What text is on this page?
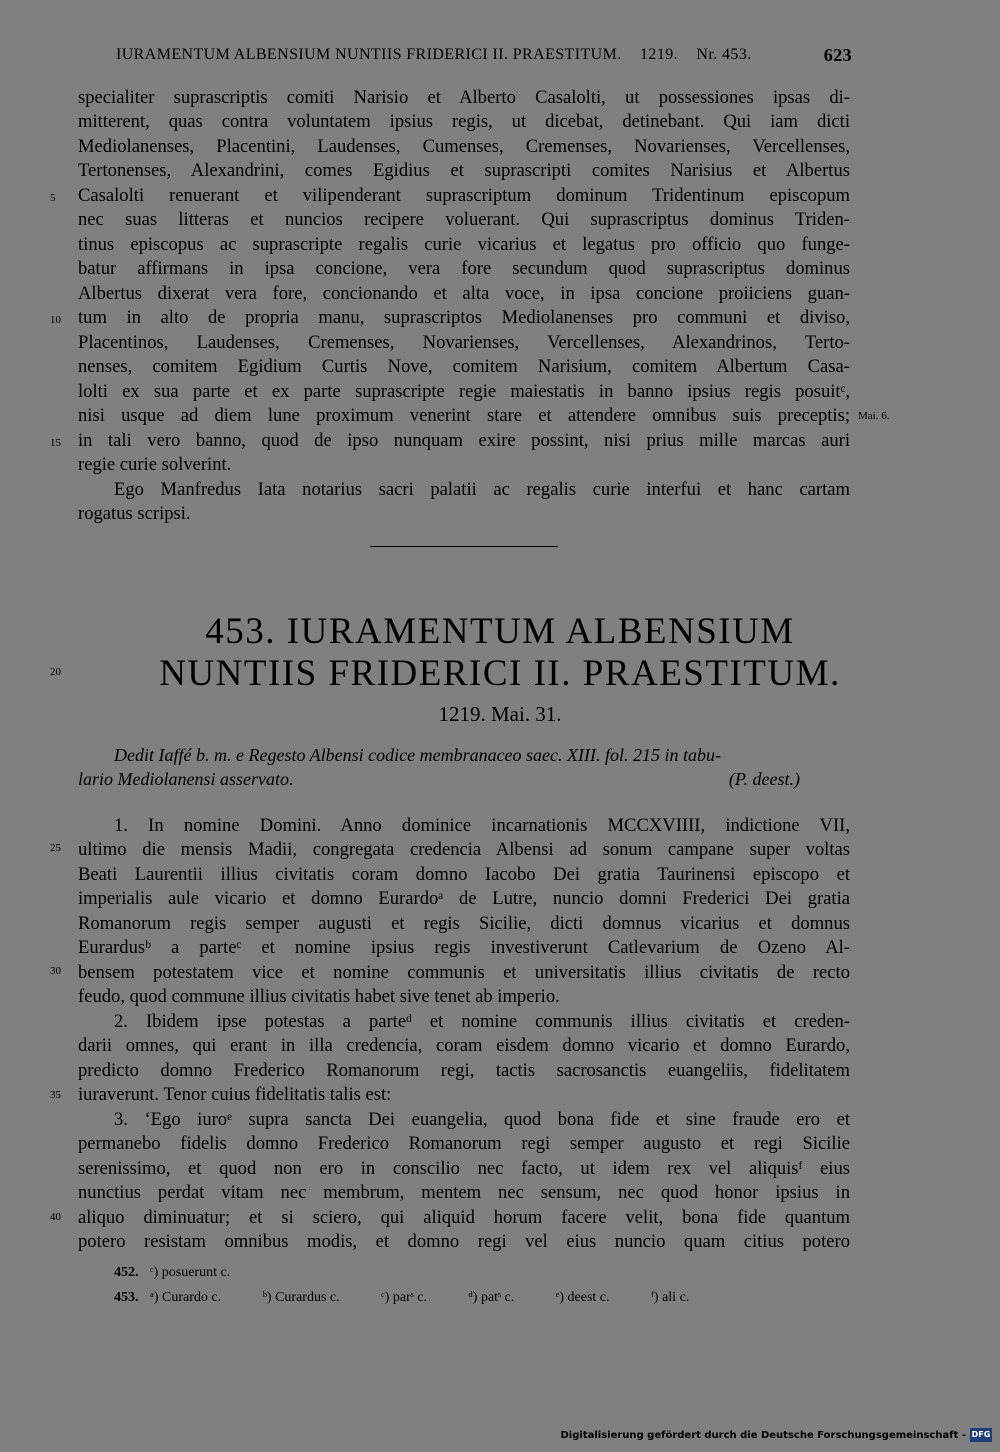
IURAMENTUM ALBENSIUM NUNTIIS FRIDERICI II. PRAESTITUM. 1219. Nr. 453.	623
specialiter suprascriptis comiti Narisio et Alberto Casalolti, ut possessiones ipsas di-
mitterent, quas contra voluntatem ipsius regis, ut dicebat, detinebant. Qui iam dicti
Mediolanenses, Placentini, Laudenses, Cumenses, Cremenses, Novarienses, Vercellenses,
Tertonenses, Alexandrini, comes Egidius et suprascripti comites Narisius et Albertus
Casalolti renuerant et vilipenderant suprascriptum dominum Tridentinum episcopum
nec suas litteras et nuncios recipere voluerant. Qui suprascriptus dominus Triden-
tinus episcopus ac suprascripte regalis curie vicarius et legatus pro officio quo funge-
batur affirmans in ipsa concione, vera fore secundum quod suprascriptus dominus
Albertus dixerat vera fore, concionando et alta voce, in ipsa concione proiiciens guan-
tum in alto de propria manu, suprascriptos Mediolanenses pro communi et diviso,
Placentinos, Laudenses, Cremenses, Novarienses, Vercellenses, Alexandrinos, Terto-
nenses, comitem Egidium Curtis Nove, comitem Narisium, comitem Albertum Casa-
lolti ex sua parte et ex parte suprascripte regie maiestatis in banno ipsius regis posuitᶜ,
nisi usque ad diem lune proximum venerint stare et attendere omnibus suis preceptis;
in tali vero banno, quod de ipso nunquam exire possint, nisi prius mille marcas auri
regie curie solverint.
Ego Manfredus Iata notarius sacri palatii ac regalis curie interfui et hanc cartam
rogatus scripsi.
Mai. 6.
5
10
15
20
25
30
35
40
453. IURAMENTUM ALBENSIUM
NUNTIIS FRIDERICI II. PRAESTITUM.
1219. Mai. 31.
Dedit Iaffé b. m. e Regesto Albensi codice membranaceo saec. XIII. fol. 215 in tabu-
lario Mediolanensi asservato.	(P. deest.)
1. In nomine Domini. Anno dominice incarnationis MCCXVIIII, indictione VII,
ultimo die mensis Madii, congregata credencia Albensi ad sonum campane super voltas
Beati Laurentii illius civitatis coram domno Iacobo Dei gratia Taurinensi episcopo et
imperialis aule vicario et domno Eurardoᵃ de Lutre, nuncio domni Frederici Dei gratia
Romanorum regis semper augusti et regis Sicilie, dicti domnus vicarius et domnus
Eurardusᵇ a parteᶜ et nomine ipsius regis investiverunt Catlevarium de Ozeno Al-
bensem potestatem vice et nomine communis et universitatis illius civitatis de recto
feudo, quod commune illius civitatis habet sive tenet ab imperio.
2. Ibidem ipse potestas a parteᵈ et nomine communis illius civitatis et creden-
darii omnes, qui erant in illa credencia, coram eisdem domno vicario et domno Eurardo,
predicto domno Frederico Romanorum regi, tactis sacrosanctis euangeliis, fidelitatem
iuraverunt. Tenor cuius fidelitatis talis est:
3. ‘Ego iuroᵉ supra sancta Dei euangelia, quod bona fide et sine fraude ero et
permanebo fidelis domno Frederico Romanorum regi semper augusto et regi Sicilie
serenissimo, et quod non ero in conscilio nec facto, ut idem rex vel aliquisᶠ eius
nunctius perdat vitam nec membrum, mentem nec sensum, nec quod honor ipsius in
aliquo diminuatur; et si sciero, qui aliquid horum facere velit, bona fide quantum
potero resistam omnibus modis, et domno regi vel eius nuncio quam citius potero
452. ᶜ) posuerunt c.
453. ᵃ) Curardo c.	ᵇ) Curardus c.	ᶜ) parˢ c.	ᵈ) patˢ c.	ᵉ) deest c.	ᶠ) ali c.
Digitalisierung gefördert durch die Deutsche Forschungsgemeinschaft - DFG
